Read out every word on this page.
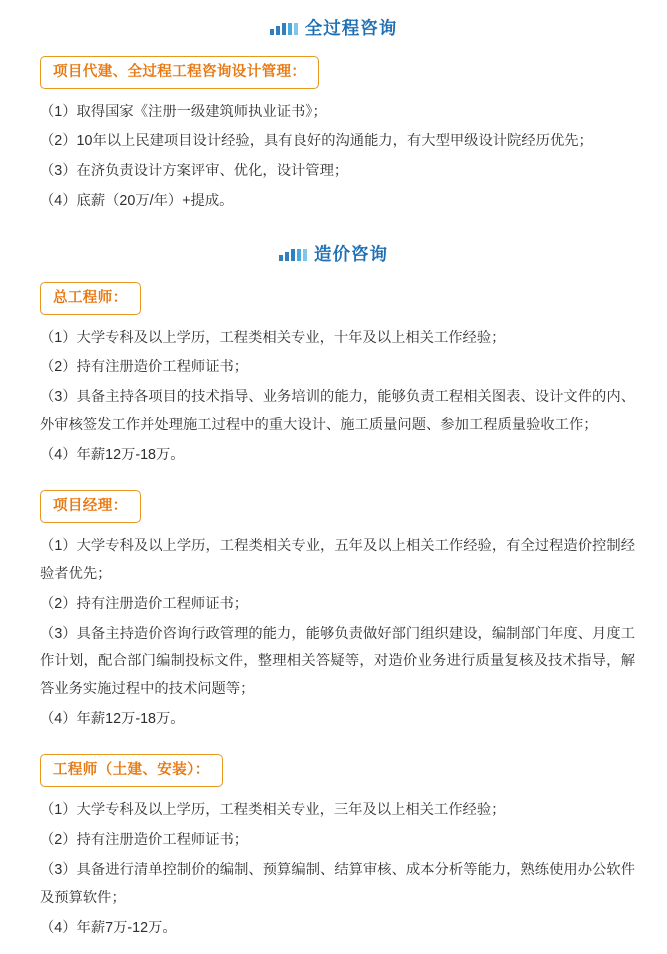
全过程咨询
项目代建、全过程工程咨询设计管理：

（1）取得国家《注册一级建筑师执业证书》；

（2）10年以上民建项目设计经验，具有良好的沟通能力，有大型甲级设计院经历优先；

（3）在济负责设计方案评审、优化，设计管理；

（4）底薪（20万/年）+提成。

造价咨询
总工程师：

（1）大学专科及以上学历，工程类相关专业，十年及以上相关工作经验；

（2）持有注册造价工程师证书；

（3）具备主持各项目的技术指导、业务培训的能力，能够负责工程相关图表、设计文件的内、外审核签发工作并处理施工过程中的重大设计、施工质量问题、参加工程质量验收工作；

（4）年薪12万-18万。

项目经理：

（1）大学专科及以上学历，工程类相关专业，五年及以上相关工作经验，有全过程造价控制经验者优先；

（2）持有注册造价工程师证书；

（3）具备主持造价咨询行政管理的能力，能够负责做好部门组织建设，编制部门年度、月度工作计划，配合部门编制投标文件，整理相关答疑等，对造价业务进行质量复核及技术指导，解答业务实施过程中的技术问题等；

（4）年薪12万-18万。

工程师（土建、安装）：

（1）大学专科及以上学历，工程类相关专业，三年及以上相关工作经验；

（2）持有注册造价工程师证书；

（3）具备进行清单控制价的编制、预算编制、结算审核、成本分析等能力，熟练使用办公软件及预算软件；

（4）年薪7万-12万。
